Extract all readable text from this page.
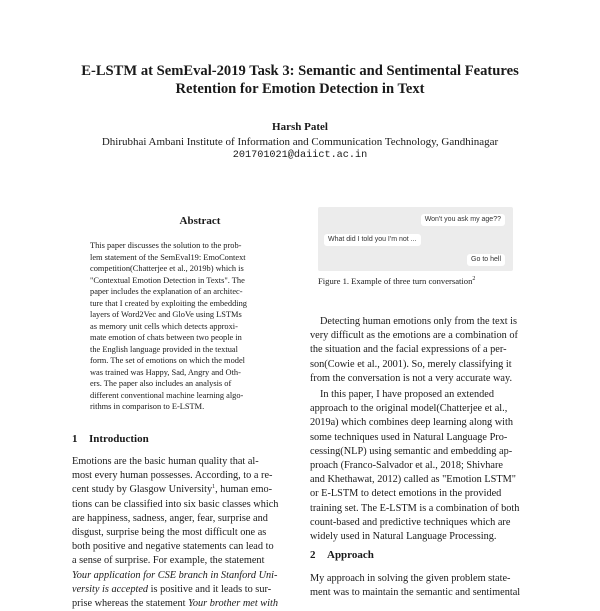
E-LSTM at SemEval-2019 Task 3: Semantic and Sentimental Features
Retention for Emotion Detection in Text
Harsh Patel
Dhirubhai Ambani Institute of Information and Communication Technology, Gandhinagar
201701021@daiict.ac.in
Abstract
This paper discusses the solution to the prob-
lem statement of the SemEval19: EmoContext
competition(Chatterjee et al., 2019b) which is
"Contextual Emotion Detection in Texts". The
paper includes the explanation of an architec-
ture that I created by exploiting the embedding
layers of Word2Vec and GloVe using LSTMs
as memory unit cells which detects approxi-
mate emotion of chats between two people in
the English language provided in the textual
form. The set of emotions on which the model
was trained was Happy, Sad, Angry and Oth-
ers. The paper also includes an analysis of
different conventional machine learning algo-
rithms in comparison to E-LSTM.
Won't you ask my age??
What did I told you I'm not ...
Go to hell
Figure 1. Example of three turn conversation$^2$
1 Introduction
Emotions are the basic human quality that al-
most every human possesses. According, to a re-
cent study by Glasgow University$^1$, human emo-
tions can be classified into six basic classes which
are happiness, sadness, anger, fear, surprise and
disgust, surprise being the most difficult one as
both positive and negative statements can lead to
a sense of surprise. For example, the statement
Your application for CSE branch in Stanford Uni-
versity is accepted is positive and it leads to sur-
prise whereas the statement Your brother met with
Detecting human emotions only from the text is
very difficult as the emotions are a combination of
the situation and the facial expressions of a per-
son(Cowie et al., 2001). So, merely classifying it
from the conversation is not a very accurate way.
In this paper, I have proposed an extended
approach to the original model(Chatterjee et al.,
2019a) which combines deep learning along with
some techniques used in Natural Language Pro-
cessing(NLP) using semantic and embedding ap-
proach (Franco-Salvador et al., 2018; Shivhare
and Khethawat, 2012) called as "Emotion LSTM"
or E-LSTM to detect emotions in the provided
training set. The E-LSTM is a combination of both
count-based and predictive techniques which are
widely used in Natural Language Processing.
2 Approach
My approach in solving the given problem state-
ment was to maintain the semantic and sentimental
